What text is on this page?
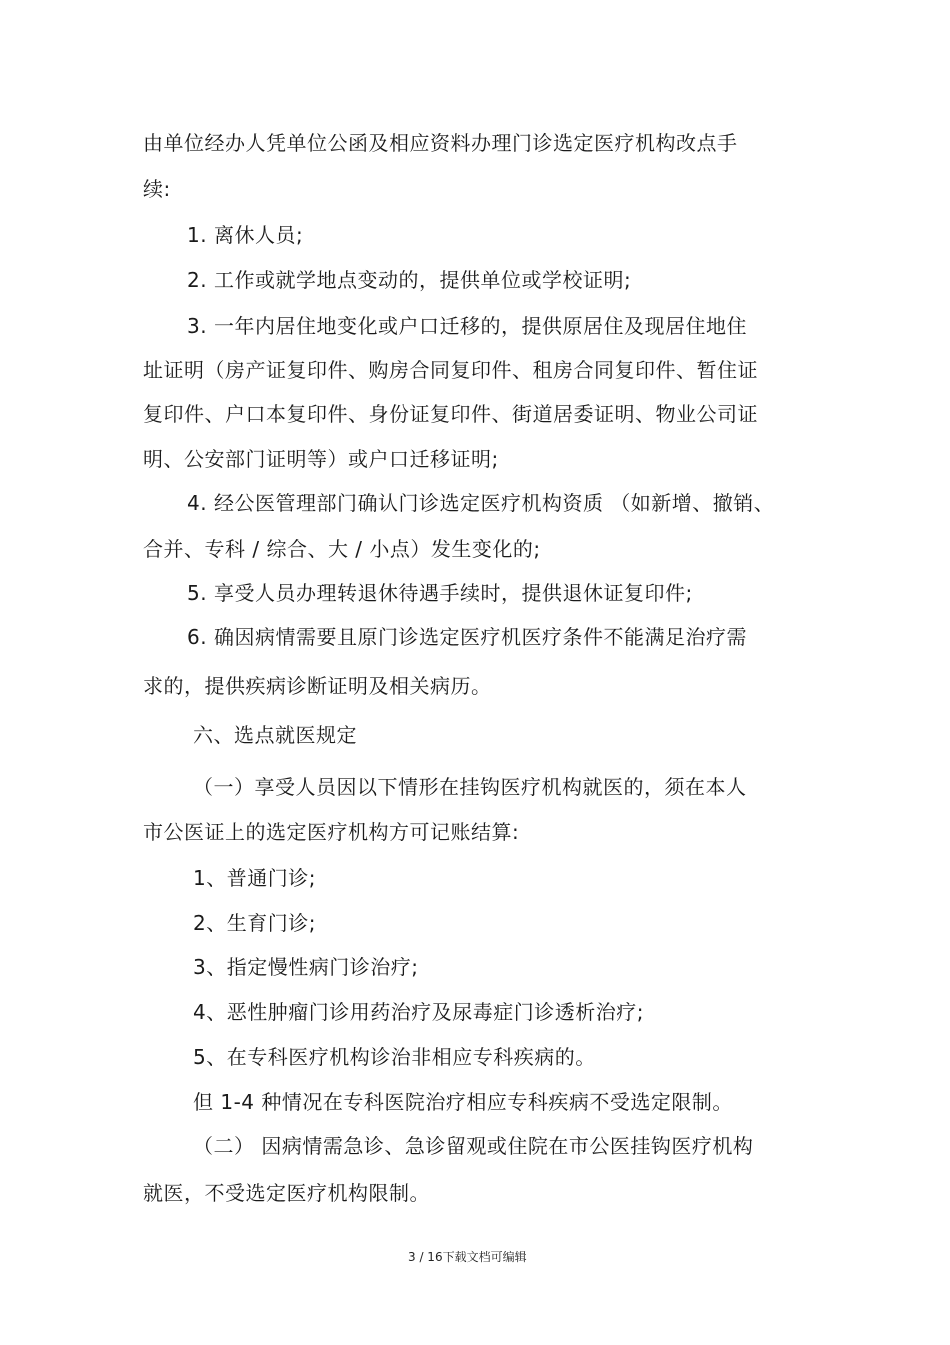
由单位经办人凭单位公函及相应资料办理门诊选定医疗机构改点手
续:
1. 离休人员;
2. 工作或就学地点变动的，提供单位或学校证明;
3. 一年内居住地变化或户口迁移的，提供原居住及现居住地住
址证明（房产证复印件、购房合同复印件、租房合同复印件、暂住证
复印件、户口本复印件、身份证复印件、街道居委证明、物业公司证
明、公安部门证明等）或户口迁移证明;
4. 经公医管理部门确认门诊选定医疗机构资质 （如新增、撤销、
合并、专科 / 综合、大 / 小点）发生变化的;
5. 享受人员办理转退休待遇手续时，提供退休证复印件;
6. 确因病情需要且原门诊选定医疗机医疗条件不能满足治疗需
求的，提供疾病诊断证明及相关病历。
六、选点就医规定
（一）享受人员因以下情形在挂钩医疗机构就医的，须在本人
市公医证上的选定医疗机构方可记账结算:
1、普通门诊;
2、生育门诊;
3、指定慢性病门诊治疗;
4、恶性肿瘤门诊用药治疗及尿毒症门诊透析治疗;
5、在专科医疗机构诊治非相应专科疾病的。
但 1-4 种情况在专科医院治疗相应专科疾病不受选定限制。
（二） 因病情需急诊、急诊留观或住院在市公医挂钩医疗机构
就医，不受选定医疗机构限制。
3 / 16下载文档可编辑
